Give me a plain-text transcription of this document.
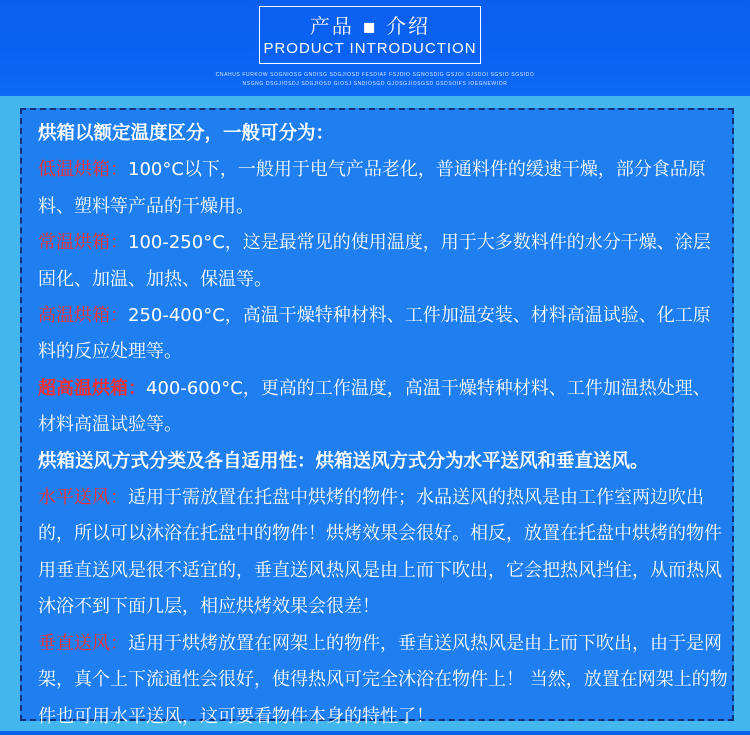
产品 ▪ 介绍
PRODUCT INTRODUCTION
CNAHUS FURKOW SOGNIOSG GNDISG SDGJIOSD FESDIAF FSJDIO SGNOSDIG GSJOI GJSDOI SGSIO SGSIDO
NSGNG DSGJIOSDJ SDGJIOSD GIOSJ SNDIOSGD GJOSGJIOSGSD GSDSOIFS IOEGNEWIOR

烘箱以额定温度区分，一般可分为：

低温烘箱：100°C以下，一般用于电气产品老化，普通料件的缓速干燥，部分食品原料、塑料等产品的干燥用。

常温烘箱：100-250°C，这是最常见的使用温度，用于大多数料件的水分干燥、涂层固化、加温、加热、保温等。

高温烘箱：250-400°C，高温干燥特种材料、工件加温安装、材料高温试验、化工原料的反应处理等。

超高温烘箱：400-600°C，更高的工作温度，高温干燥特种材料、工件加温热处理、材料高温试验等。

烘箱送风方式分类及各自适用性：烘箱送风方式分为水平送风和垂直送风。

水平送风：适用于需放置在托盘中烘烤的物件；水品送风的热风是由工作室两边吹出的，所以可以沐浴在托盘中的物件！烘烤效果会很好。相反，放置在托盘中烘烤的物件用垂直送风是很不适宜的，垂直送风热风是由上而下吹出，它会把热风挡住，从而热风沐浴不到下面几层，相应烘烤效果会很差！

垂直送风：适用于烘烤放置在网架上的物件，垂直送风热风是由上而下吹出，由于是网架，真个上下流通性会很好，使得热风可完全沐浴在物件上！ 当然，放置在网架上的物件也可用水平送风，这可要看物件本身的特性了！
